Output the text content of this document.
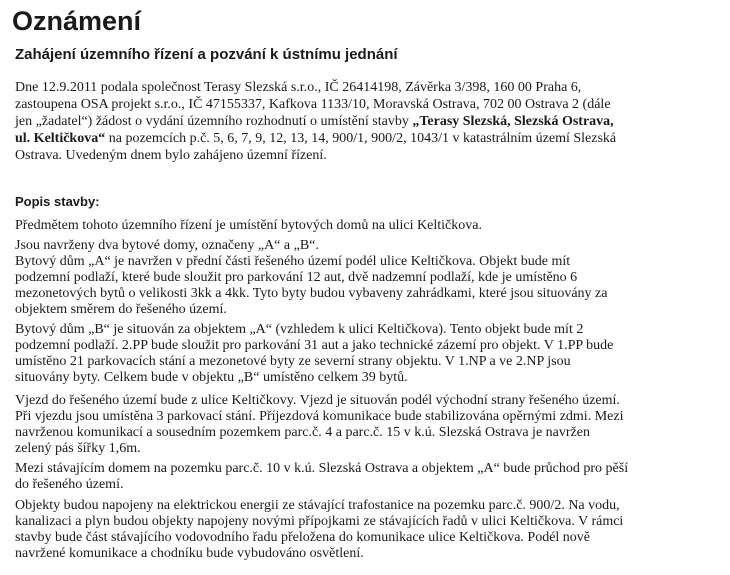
Oznámení
Zahájení územního řízení a pozvání k ústnímu jednání

Dne 12.9.2011 podala společnost Terasy Slezská s.r.o., IČ 26414198, Závěrka 3/398, 160 00 Praha 6,

zastoupena OSA projekt s.r.o., IČ 47155337, Kafkova 1133/10, Moravská Ostrava, 702 00 Ostrava 2 (dále

jen „žadatel“) žádost o vydání územního rozhodnutí o umístění stavby „Terasy Slezská, Slezská Ostrava,

ul. Keltičkova“ na pozemcích p.č. 5, 6, 7, 9, 12, 13, 14, 900/1, 900/2, 1043/1 v katastrálním území Slezská

Ostrava. Uvedeným dnem bylo zahájeno územní řízení.

Popis stavby:

Předmětem tohoto územního řízení je umístění bytových domů na ulici Keltičkova.

Jsou navrženy dva bytové domy, označeny „A“ a „B“.

Bytový dům „A“ je navržen v přední části řešeného území podél ulice Keltičkova. Objekt bude mít
podzemní podlaží, které bude sloužit pro parkování 12 aut, dvě nadzemní podlaží, kde je umístěno 6
mezonetových bytů o velikosti 3kk a 4kk. Tyto byty budou vybaveny zahrádkami, které jsou situovány za
objektem směrem do řešeného území.

Bytový dům „B“ je situován za objektem „A“ (vzhledem k ulici Keltičkova). Tento objekt bude mít 2
podzemní podlaží. 2.PP bude sloužit pro parkování 31 aut a jako technické zázemí pro objekt. V 1.PP bude
umístěno 21 parkovacích stání a mezonetové byty ze severní strany objektu. V 1.NP a ve 2.NP jsou
situovány byty. Celkem bude v objektu „B“ umístěno celkem 39 bytů.

Vjezd do řešeného území bude z ulice Keltičkovy. Vjezd je situován podél východní strany řešeného území.
Při vjezdu jsou umístěna 3 parkovací stání. Příjezdová komunikace bude stabilizována opěrnými zdmi. Mezi
navrženou komunikací a sousedním pozemkem parc.č. 4 a parc.č. 15 v k.ú. Slezská Ostrava je navržen
zelený pás šířky 1,6m.

Mezi stávajícím domem na pozemku parc.č. 10 v k.ú. Slezská Ostrava a objektem „A“ bude průchod pro pěší
do řešeného území.

Objekty budou napojeny na elektrickou energii ze stávající trafostanice na pozemku parc.č. 900/2. Na vodu,
kanalizaci a plyn budou objekty napojeny novými přípojkami ze stávajících řadů v ulici Keltičkova. V rámci
stavby bude část stávajícího vodovodního řadu přeložena do komunikace ulice Keltičkova. Podél nově
navržené komunikace a chodníku bude vybudováno osvětlení.
